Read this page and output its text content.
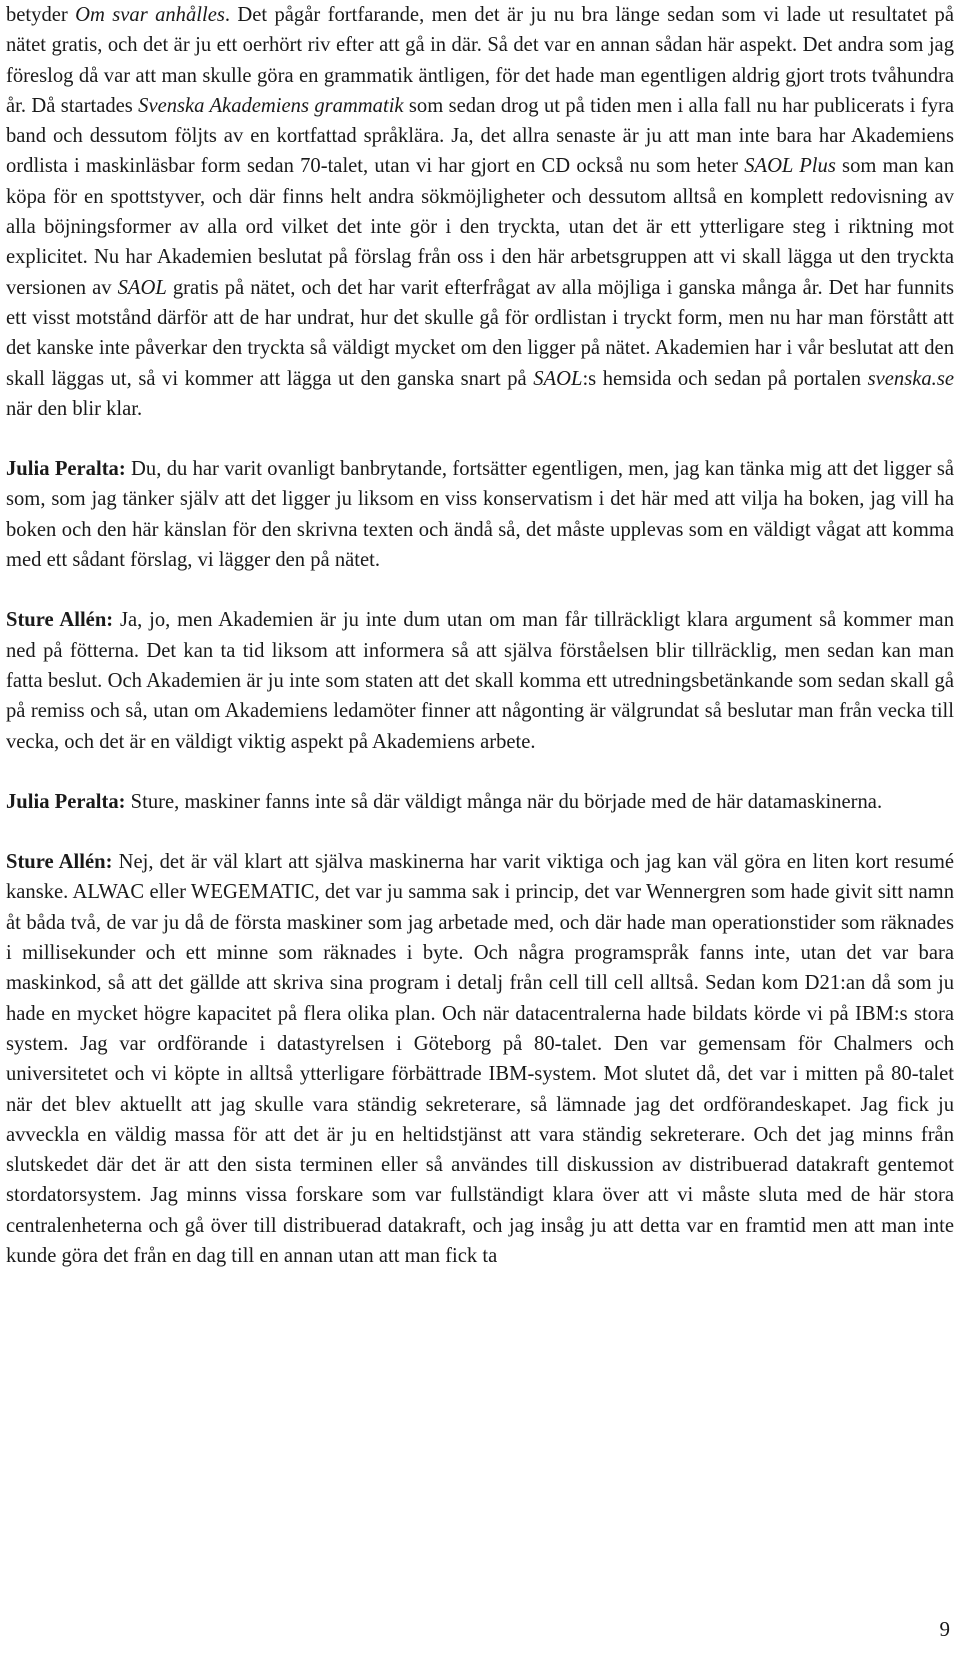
betyder Om svar anhålles. Det pågår fortfarande, men det är ju nu bra länge sedan som vi lade ut resultatet på nätet gratis, och det är ju ett oerhört riv efter att gå in där. Så det var en annan sådan här aspekt. Det andra som jag föreslog då var att man skulle göra en grammatik äntligen, för det hade man egentligen aldrig gjort trots tvåhundra år. Då startades Svenska Akademiens grammatik som sedan drog ut på tiden men i alla fall nu har publicerats i fyra band och dessutom följts av en kortfattad språklära. Ja, det allra senaste är ju att man inte bara har Akademiens ordlista i maskinläsbar form sedan 70-talet, utan vi har gjort en CD också nu som heter SAOL Plus som man kan köpa för en spottstyver, och där finns helt andra sökmöjligheter och dessutom alltså en komplett redovisning av alla böjningsformer av alla ord vilket det inte gör i den tryckta, utan det är ett ytterligare steg i riktning mot explicitet. Nu har Akademien beslutat på förslag från oss i den här arbetsgruppen att vi skall lägga ut den tryckta versionen av SAOL gratis på nätet, och det har varit efterfrågat av alla möjliga i ganska många år. Det har funnits ett visst motstånd därför att de har undrat, hur det skulle gå för ordlistan i tryckt form, men nu har man förstått att det kanske inte påverkar den tryckta så väldigt mycket om den ligger på nätet. Akademien har i vår beslutat att den skall läggas ut, så vi kommer att lägga ut den ganska snart på SAOL:s hemsida och sedan på portalen svenska.se när den blir klar.

Julia Peralta: Du, du har varit ovanligt banbrytande, fortsätter egentligen, men, jag kan tänka mig att det ligger så som, som jag tänker själv att det ligger ju liksom en viss konservatism i det här med att vilja ha boken, jag vill ha boken och den här känslan för den skrivna texten och ändå så, det måste upplevas som en väldigt vågat att komma med ett sådant förslag, vi lägger den på nätet.

Sture Allén: Ja, jo, men Akademien är ju inte dum utan om man får tillräckligt klara argument så kommer man ned på fötterna. Det kan ta tid liksom att informera så att själva förståelsen blir tillräcklig, men sedan kan man fatta beslut. Och Akademien är ju inte som staten att det skall komma ett utredningsbetänkande som sedan skall gå på remiss och så, utan om Akademiens ledamöter finner att någonting är välgrundat så beslutar man från vecka till vecka, och det är en väldigt viktig aspekt på Akademiens arbete.

Julia Peralta: Sture, maskiner fanns inte så där väldigt många när du började med de här datamaskinerna.

Sture Allén: Nej, det är väl klart att själva maskinerna har varit viktiga och jag kan väl göra en liten kort resumé kanske. ALWAC eller WEGEMATIC, det var ju samma sak i princip, det var Wennergren som hade givit sitt namn åt båda två, de var ju då de första maskiner som jag arbetade med, och där hade man operationstider som räknades i millisekunder och ett minne som räknades i byte. Och några programspråk fanns inte, utan det var bara maskinkod, så att det gällde att skriva sina program i detalj från cell till cell alltså. Sedan kom D21:an då som ju hade en mycket högre kapacitet på flera olika plan. Och när datacentralerna hade bildats körde vi på IBM:s stora system. Jag var ordförande i datastyrelsen i Göteborg på 80-talet. Den var gemensam för Chalmers och universitetet och vi köpte in alltså ytterligare förbättrade IBM-system. Mot slutet då, det var i mitten på 80-talet när det blev aktuellt att jag skulle vara ständig sekreterare, så lämnade jag det ordförandeskapet. Jag fick ju avveckla en väldig massa för att det är ju en heltidstjänst att vara ständig sekreterare. Och det jag minns från slutskedet där det är att den sista terminen eller så användes till diskussion av distribuerad datakraft gentemot stordatorsystem. Jag minns vissa forskare som var fullständigt klara över att vi måste sluta med de här stora centralenheterna och gå över till distribuerad datakraft, och jag insåg ju att detta var en framtid men att man inte kunde göra det från en dag till en annan utan att man fick ta

9
